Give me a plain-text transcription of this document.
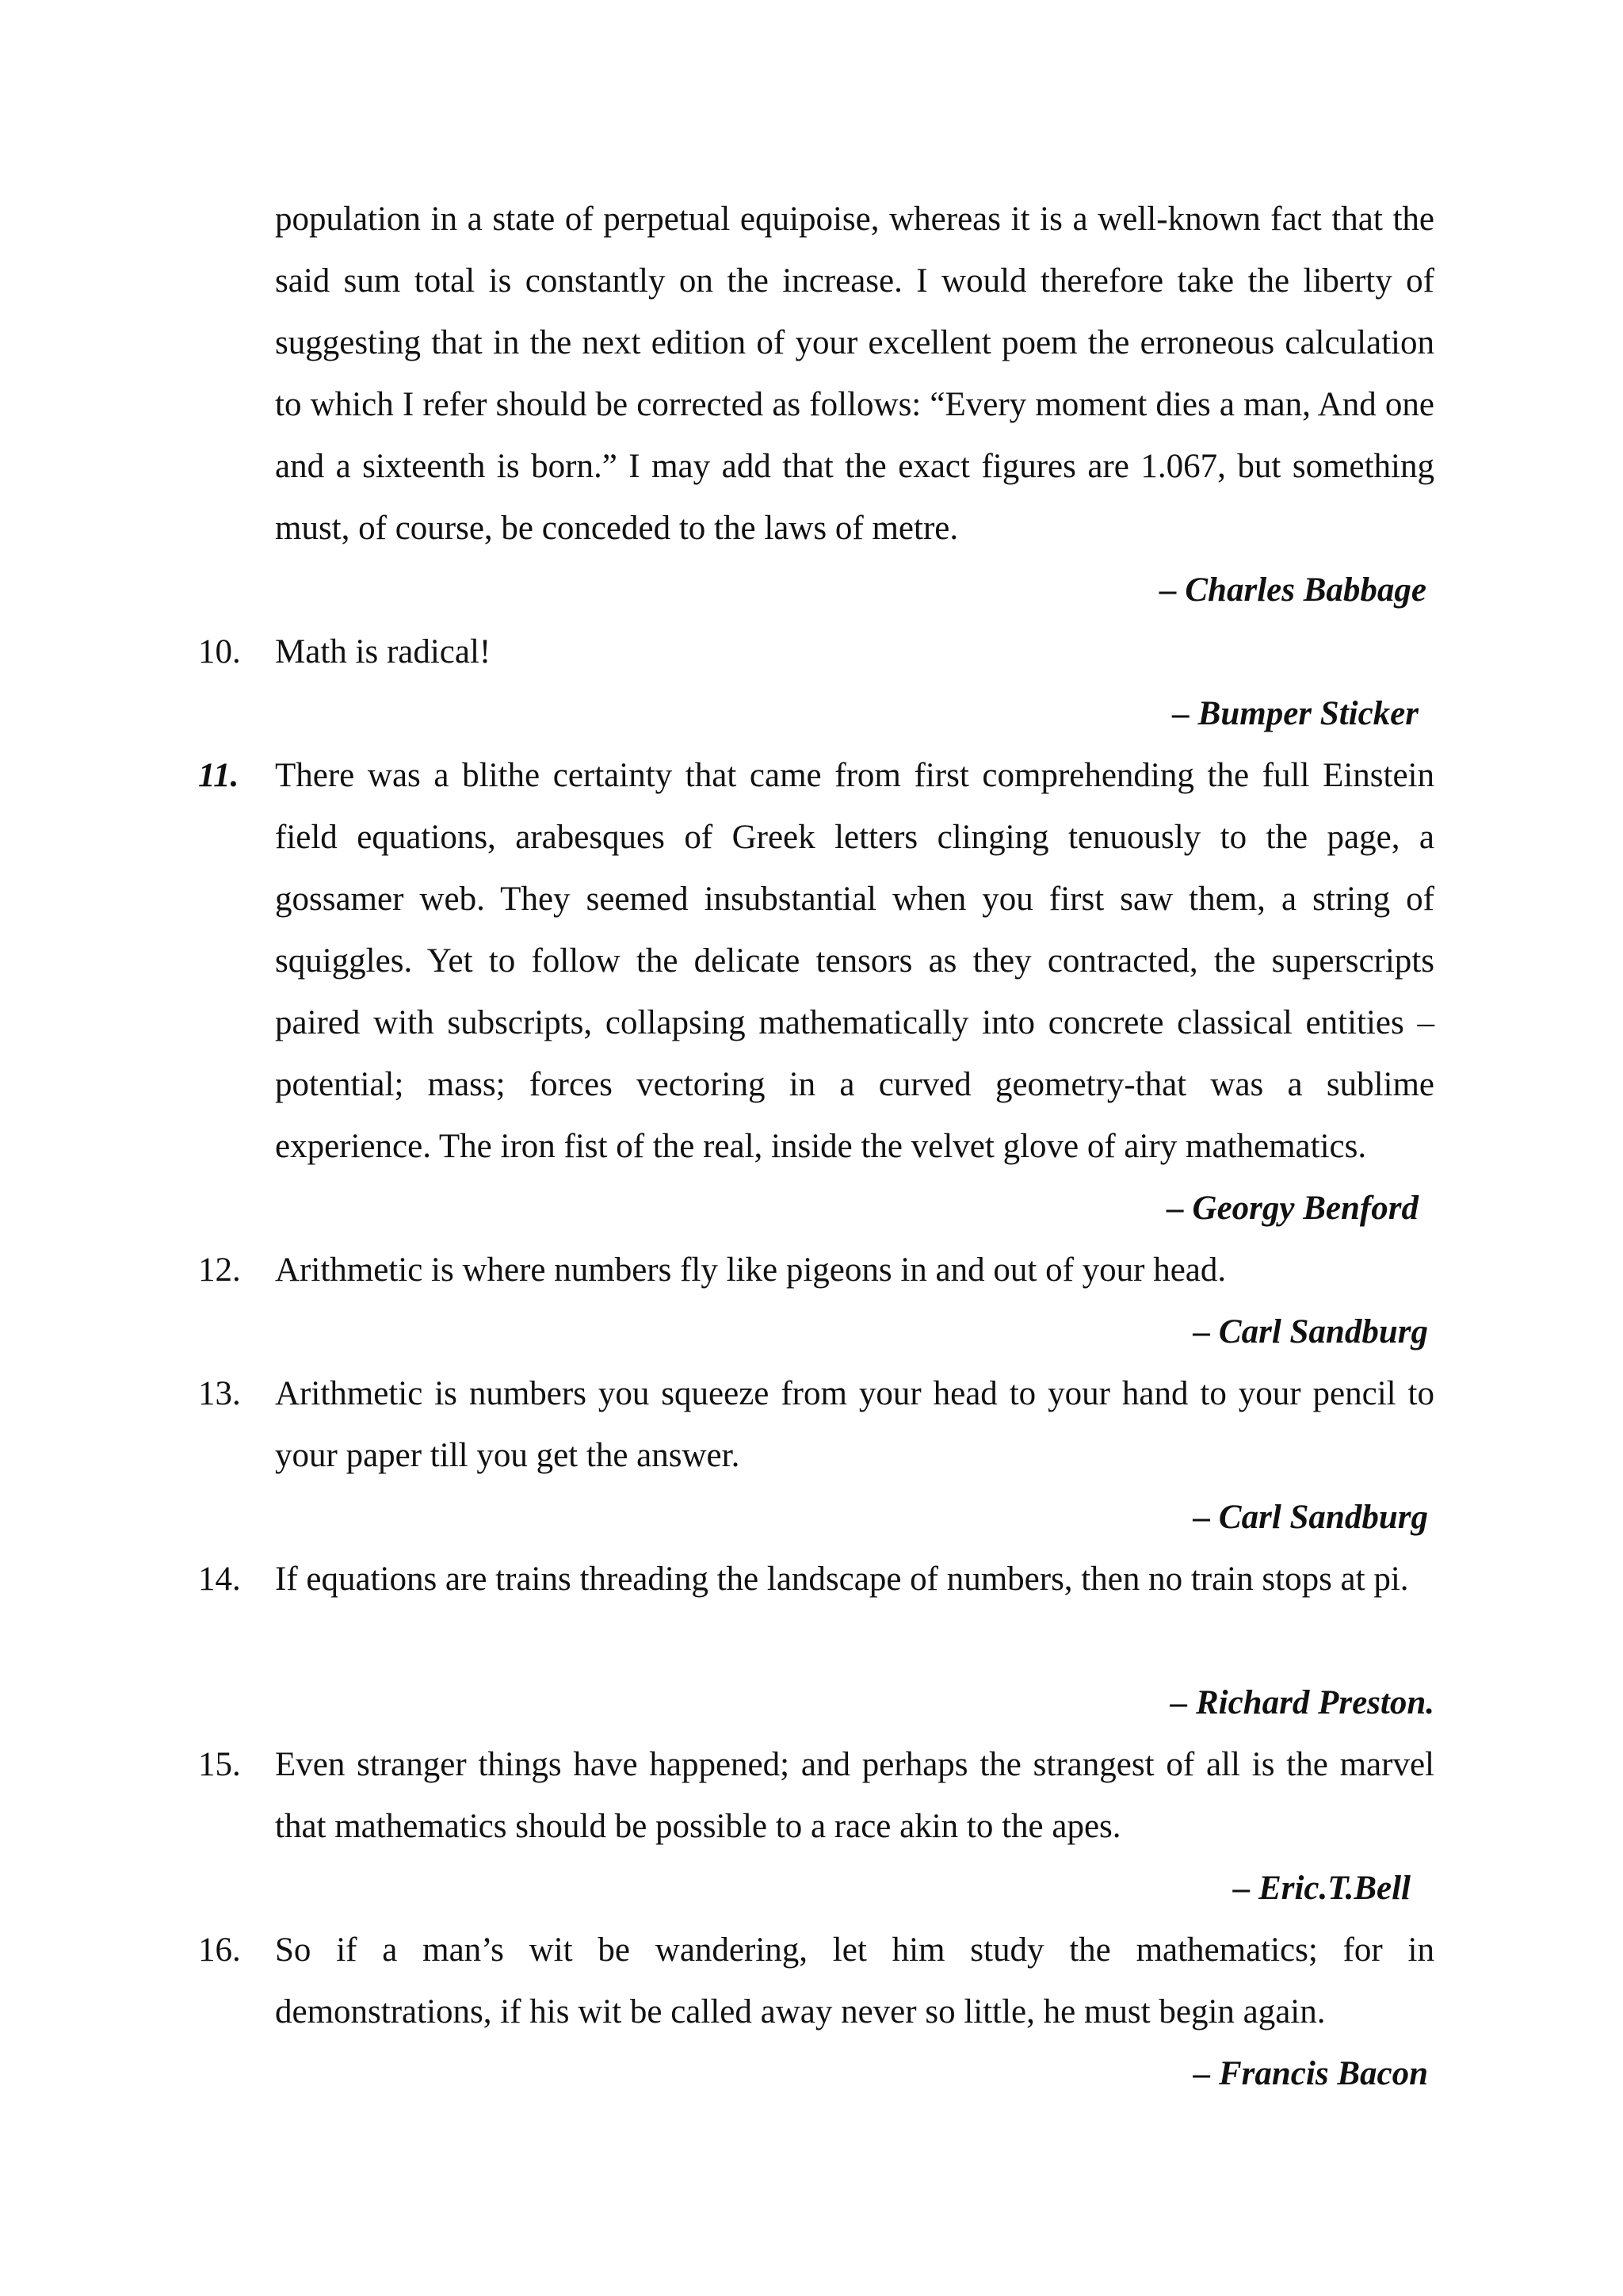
population in a state of perpetual equipoise, whereas it is a well-known fact that the said sum total is constantly on the increase. I would therefore take the liberty of suggesting that in the next edition of your excellent poem the erroneous calculation to which I refer should be corrected as follows: “Every moment dies a man, And one and a sixteenth is born.” I may add that the exact figures are 1.067, but something must, of course, be conceded to the laws of metre.
– Charles Babbage
10.	Math is radical!
– Bumper Sticker
11.	There was a blithe certainty that came from first comprehending the full Einstein field equations, arabesques of Greek letters clinging tenuously to the page, a gossamer web. They seemed insubstantial when you first saw them, a string of squiggles. Yet to follow the delicate tensors as they contracted, the superscripts paired with subscripts, collapsing mathematically into concrete classical entities – potential; mass; forces vectoring in a curved geometry-that was a sublime experience. The iron fist of the real, inside the velvet glove of airy mathematics.
– Georgy Benford
12.	Arithmetic is where numbers fly like pigeons in and out of your head.
– Carl Sandburg
13.	Arithmetic is numbers you squeeze from your head to your hand to your pencil to your paper till you get the answer.
– Carl Sandburg
14.	If equations are trains threading the landscape of numbers, then no train stops at pi.
– Richard Preston.
15.	Even stranger things have happened; and perhaps the strangest of all is the marvel that mathematics should be possible to a race akin to the apes.
– Eric.T.Bell
16.	So if a man’s wit be wandering, let him study the mathematics; for in demonstrations, if his wit be called away never so little, he must begin again.
– Francis Bacon
